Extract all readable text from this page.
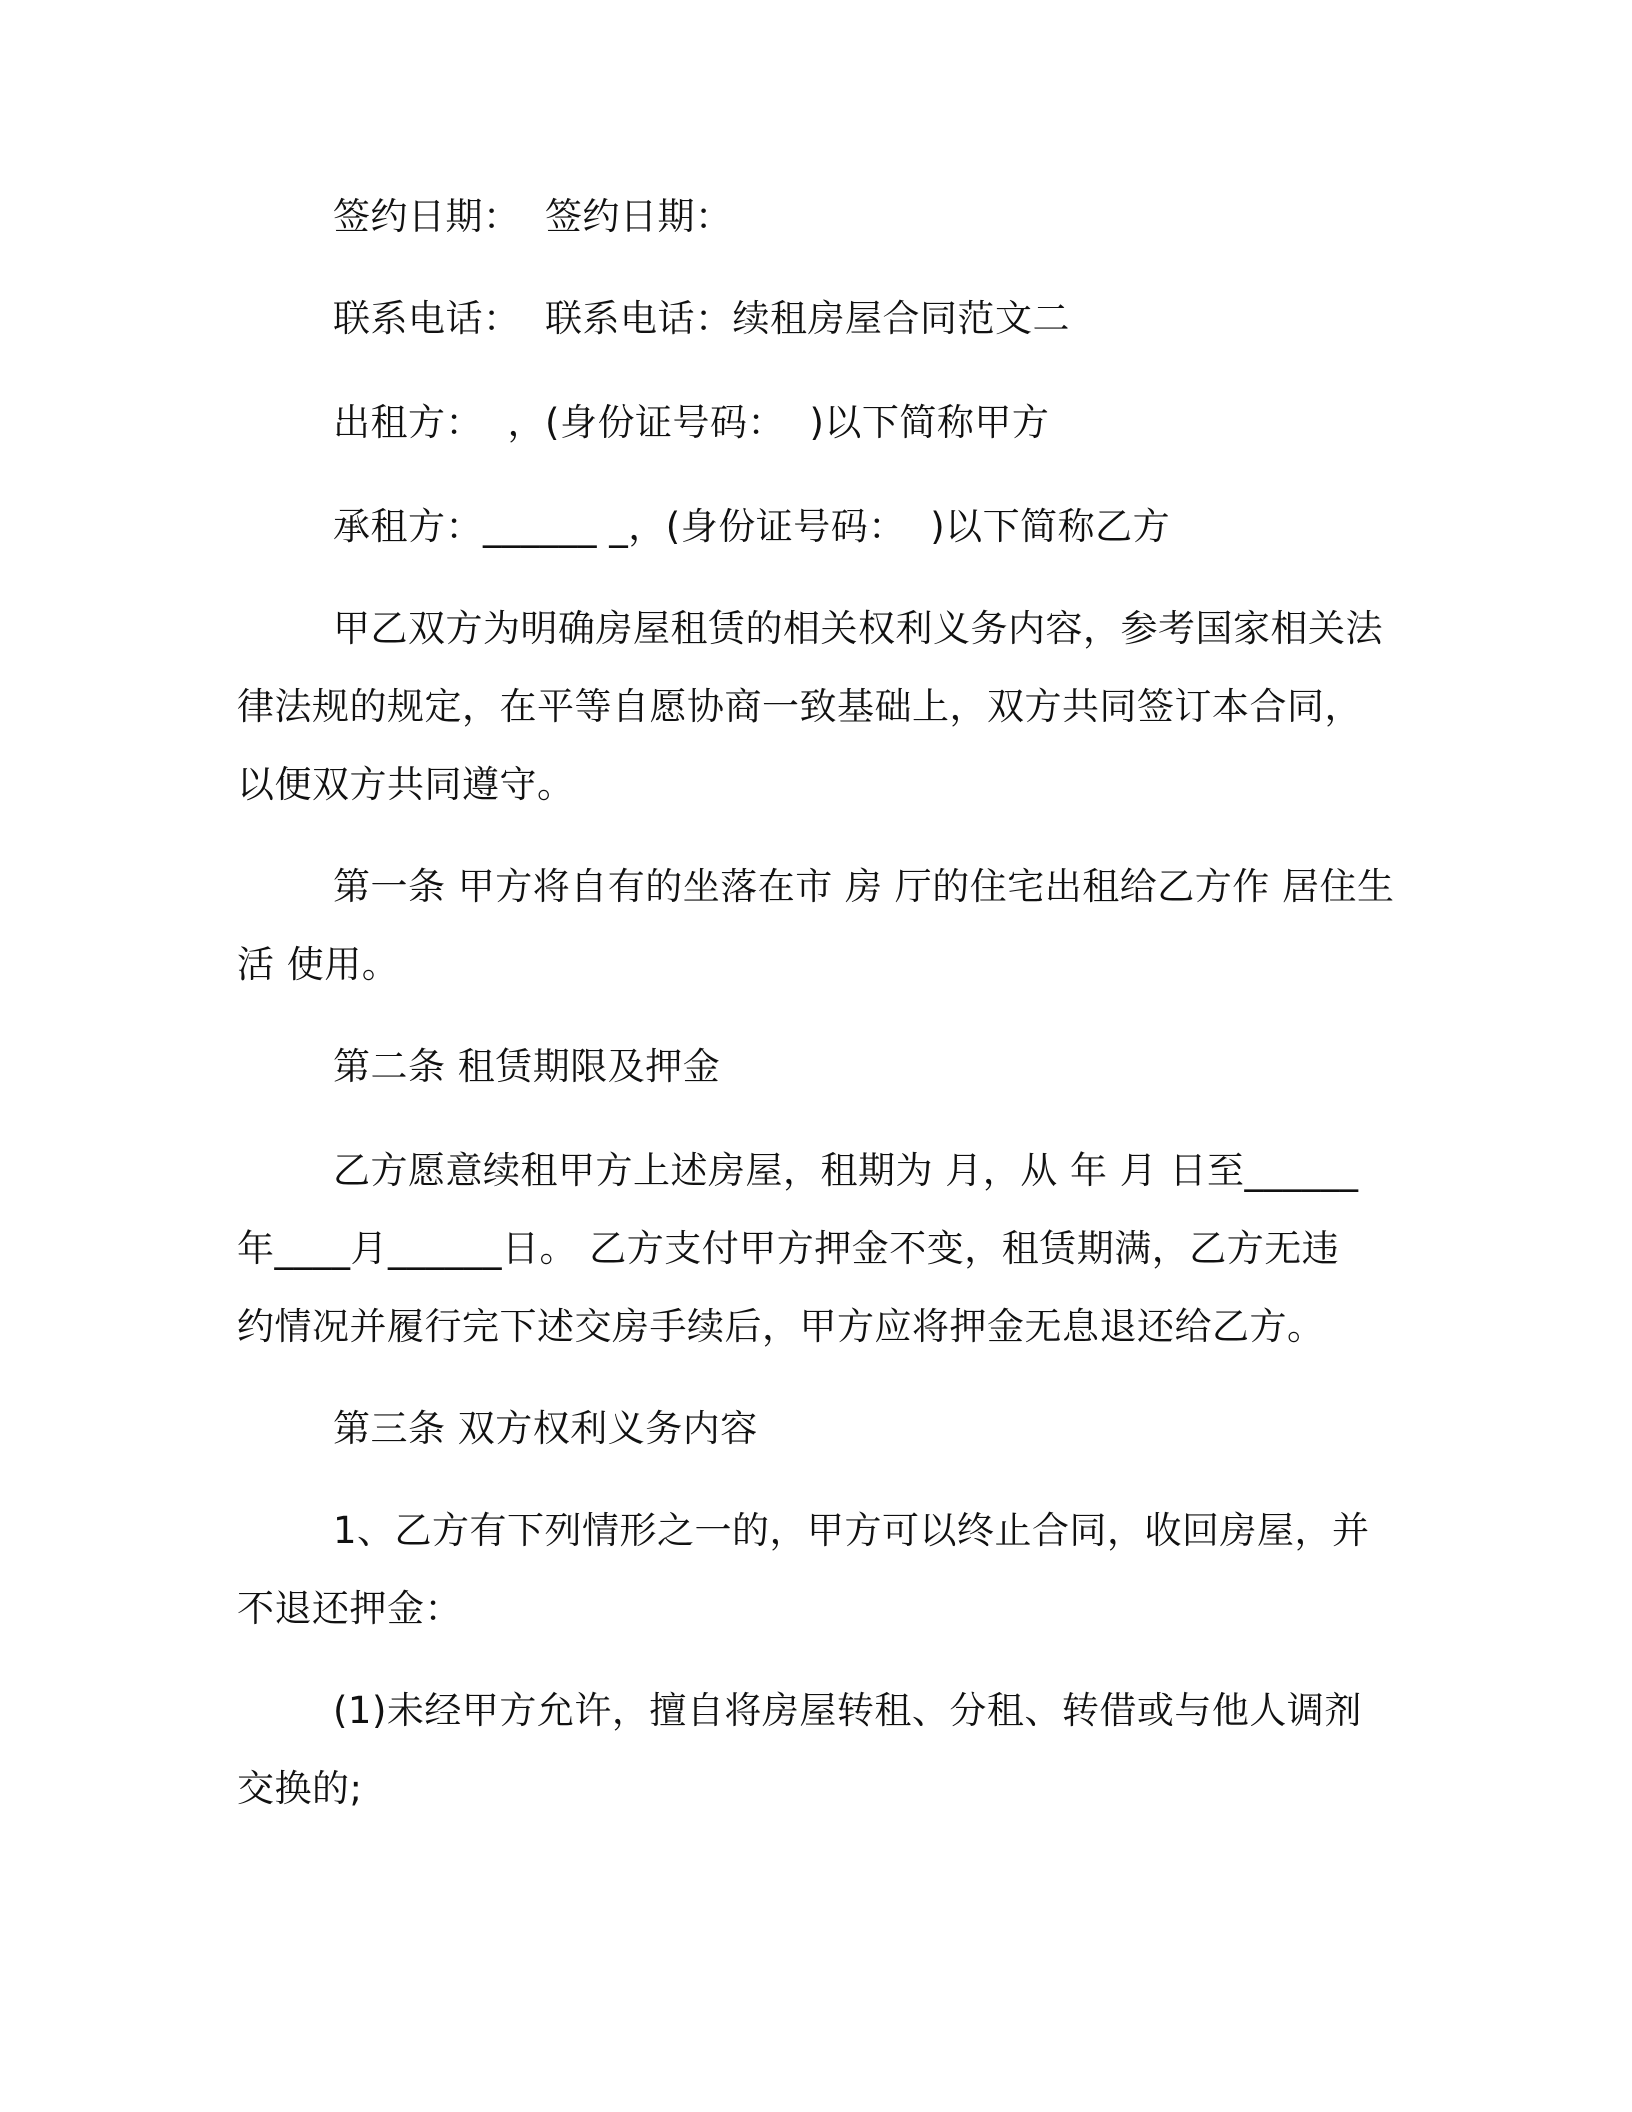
签约日期：  签约日期：
联系电话：  联系电话：续租房屋合同范文二
出租方：  ，(身份证号码：  )以下简称甲方
承租方：______ _，(身份证号码：  )以下简称乙方
甲乙双方为明确房屋租赁的相关权利义务内容，参考国家相关法
律法规的规定，在平等自愿协商一致基础上，双方共同签订本合同，
以便双方共同遵守。
第一条 甲方将自有的坐落在市 房 厅的住宅出租给乙方作 居住生
活 使用。
第二条 租赁期限及押金
乙方愿意续租甲方上述房屋，租期为 月，从 年 月 日至______
年____月______日。 乙方支付甲方押金不变，租赁期满，乙方无违
约情况并履行完下述交房手续后，甲方应将押金无息退还给乙方。
第三条 双方权利义务内容
1、乙方有下列情形之一的，甲方可以终止合同，收回房屋，并
不退还押金：
(1)未经甲方允许，擅自将房屋转租、分租、转借或与他人调剂
交换的;
